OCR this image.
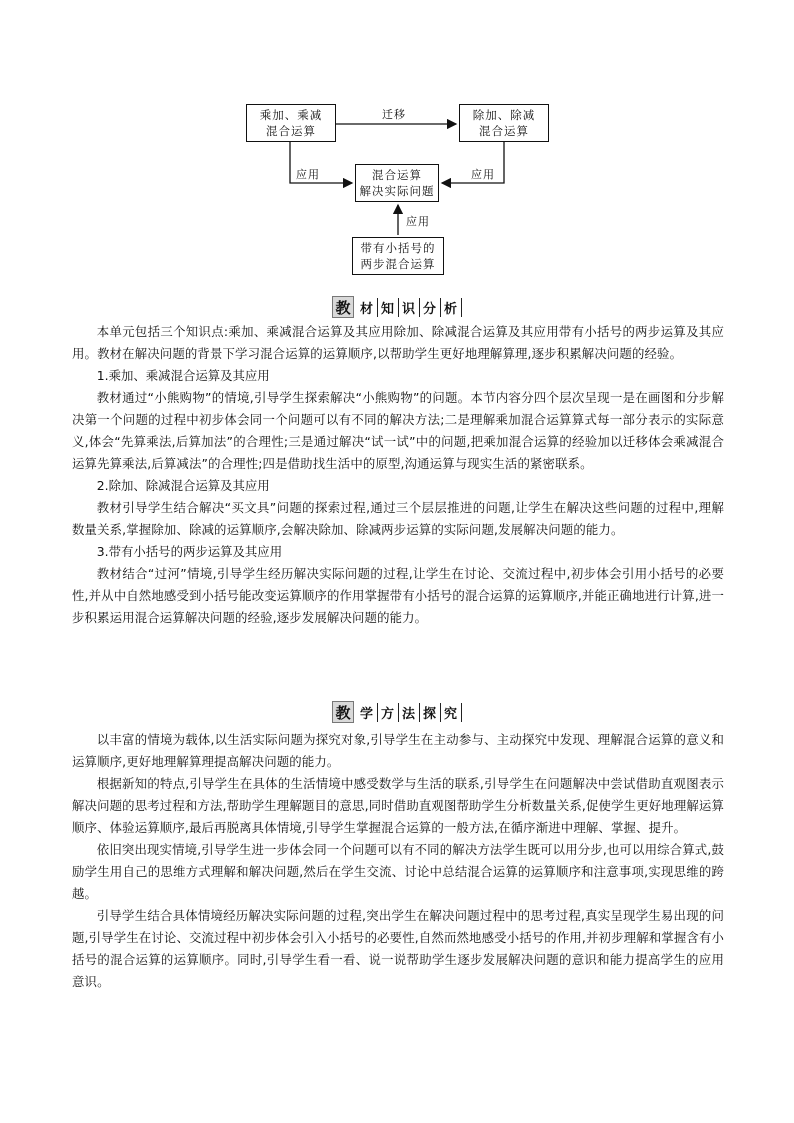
乘加、乘减
混合运算
除加、除减
混合运算
混合运算
解决实际问题
带有小括号的
两步混合运算
迁移
应用	应用
应用
教 材 知 识 分 析

本单元包括三个知识点:乘加、乘减混合运算及其应用除加、除减混合运算及其应用带有小括号的两步运算及其应用。教材在解决问题的背景下学习混合运算的运算顺序,以帮助学生更好地理解算理,逐步积累解决问题的经验。

1.乘加、乘减混合运算及其应用

教材通过“小熊购物”的情境,引导学生探索解决“小熊购物”的问题。本节内容分四个层次呈现一是在画图和分步解决第一个问题的过程中初步体会同一个问题可以有不同的解决方法;二是理解乘加混合运算算式每一部分表示的实际意义,体会“先算乘法,后算加法”的合理性;三是通过解决“试一试”中的问题,把乘加混合运算的经验加以迁移体会乘减混合运算先算乘法,后算减法”的合理性;四是借助找生活中的原型,沟通运算与现实生活的紧密联系。

2.除加、除减混合运算及其应用

教材引导学生结合解决“买文具”问题的探索过程,通过三个层层推进的问题,让学生在解决这些问题的过程中,理解数量关系,掌握除加、除减的运算顺序,会解决除加、除减两步运算的实际问题,发展解决问题的能力。

3.带有小括号的两步运算及其应用

教材结合“过河”情境,引导学生经历解决实际问题的过程,让学生在讨论、交流过程中,初步体会引用小括号的必要性,并从中自然地感受到小括号能改变运算顺序的作用掌握带有小括号的混合运算的运算顺序,并能正确地进行计算,进一步积累运用混合运算解决问题的经验,逐步发展解决问题的能力。

教 学 方 法 探 究

以丰富的情境为载体,以生活实际问题为探究对象,引导学生在主动参与、主动探究中发现、理解混合运算的意义和运算顺序,更好地理解算理提高解决问题的能力。

根据新知的特点,引导学生在具体的生活情境中感受数学与生活的联系,引导学生在问题解决中尝试借助直观图表示解决问题的思考过程和方法,帮助学生理解题目的意思,同时借助直观图帮助学生分析数量关系,促使学生更好地理解运算顺序、体验运算顺序,最后再脱离具体情境,引导学生掌握混合运算的一般方法,在循序渐进中理解、掌握、提升。

依旧突出现实情境,引导学生进一步体会同一个问题可以有不同的解决方法学生既可以用分步,也可以用综合算式,鼓励学生用自己的思维方式理解和解决问题,然后在学生交流、讨论中总结混合运算的运算顺序和注意事项,实现思维的跨越。

引导学生结合具体情境经历解决实际问题的过程,突出学生在解决问题过程中的思考过程,真实呈现学生易出现的问题,引导学生在讨论、交流过程中初步体会引入小括号的必要性,自然而然地感受小括号的作用,并初步理解和掌握含有小括号的混合运算的运算顺序。同时,引导学生看一看、说一说帮助学生逐步发展解决问题的意识和能力提高学生的应用意识。
